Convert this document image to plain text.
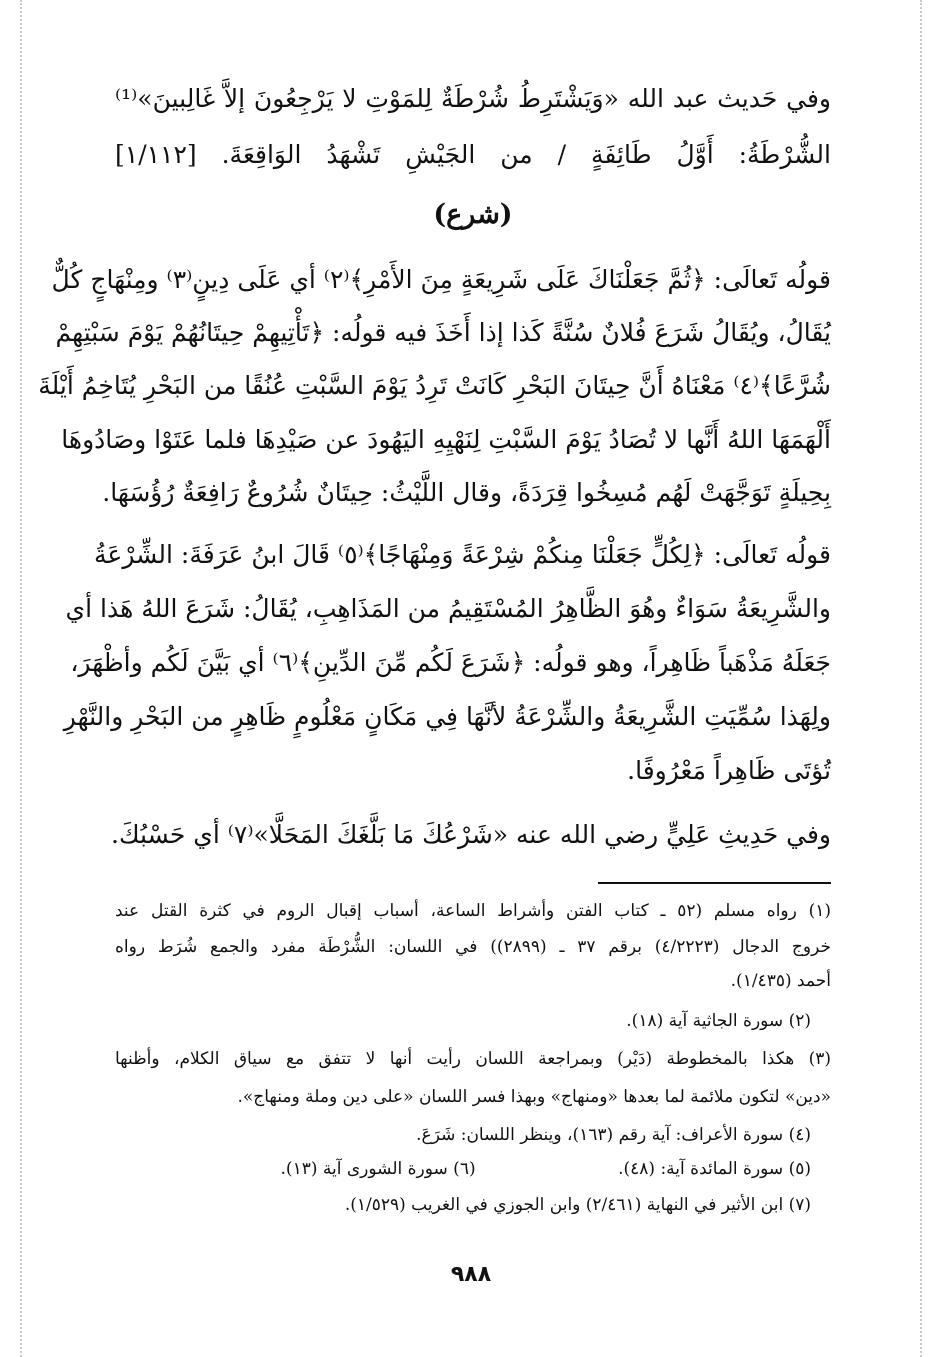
وفي حَديث عبد الله «وَيَشْتَرِطُ شُرْطَةٌ لِلمَوْتِ لا يَرْجِعُونَ إلاَّ غَالِبينَ»⁽¹⁾
الشُّرْطَةُ: أَوَّلُ طَائِفَةٍ / من الجَيْشِ تَشْهَدُ الوَاقِعَةَ. [١/١١٢]
(شرع)
قولُه تَعالَى: ﴿ثُمَّ جَعَلْنَاكَ عَلَى شَرِيعَةٍ مِنَ الأَمْرِ﴾⁽٢⁾ أي عَلَى دِينٍ⁽٣⁾ ومِنْهَاجٍ كُلٌّ
يُقَالُ، ويُقَالُ شَرَعَ فُلانٌ سُنَّةً كَذا إذا أَخَذَ فيه قولُه: ﴿تَأْتِيهِمْ حِيتَانُهُمْ يَوْمَ سَبْتِهِمْ
شُرَّعًا﴾⁽٤⁾ مَعْنَاهُ أَنَّ حِيتَانَ البَحْرِ كَانَتْ تَرِدُ يَوْمَ السَّبْتِ عُنُقًا من البَحْرِ يُتَاخِمُ أَيْلَةَ
أَلْهَمَهَا اللهُ أَنَّها لا تُصَادُ يَوْمَ السَّبْتِ لِنَهْيِهِ اليَهُودَ عن صَيْدِهَا فلما عَتَوْا وصَادُوهَا
بِحِيلَةٍ تَوَجَّهَتْ لَهُم مُسِخُوا قِرَدَةً، وقال اللَّيْثُ: حِيتَانٌ شُرُوعٌ رَافِعَةٌ رُؤُسَهَا.
قولُه تَعالَى: ﴿لِكُلٍّ جَعَلْنَا مِنكُمْ شِرْعَةً وَمِنْهَاجًا﴾⁽٥⁾ قَالَ ابنُ عَرَفَةَ: الشِّرْعَةُ
والشَّرِيعَةُ سَوَاءٌ وهُوَ الظَّاهِرُ المُسْتَقِيمُ من المَذَاهِبِ، يُقَالُ: شَرَعَ اللهُ هَذا أي
جَعَلَهُ مَذْهَباً ظَاهِراً، وهو قولُه: ﴿شَرَعَ لَكُم مِّنَ الدِّينِ﴾⁽٦⁾ أي بَيَّنَ لَكُم وأظْهَرَ،
ولِهَذا سُمِّيَتِ الشَّرِيعَةُ والشِّرْعَةُ لأنَّهَا فِي مَكَانٍ مَعْلُومٍ ظَاهِرٍ من البَحْرِ والنَّهْرِ
تُؤتَى ظَاهِراً مَعْرُوفًا.
وفي حَدِيثِ عَلِيٍّ رضي الله عنه «شَرْعُكَ مَا بَلَّغَكَ المَحَلَّا»⁽٧⁾ أي حَسْبُكَ.
(١) رواه مسلم (٥٢ ـ كتاب الفتن وأشراط الساعة، أسباب إقبال الروم في كثرة القتل عند
خروج الدجال (٤/٢٢٢٣) برقم ٣٧ ـ (٢٨٩٩)) في اللسان: الشُّرْطَة مفرد والجمع شُرَط رواه
أحمد (١/٤٣٥).
(٢) سورة الجاثية آية (١٨).
(٣) هكذا بالمخطوطة (دَيْر) وبمراجعة اللسان رأيت أنها لا تتفق مع سياق الكلام، وأظنها
«دين» لتكون ملائمة لما بعدها «ومنهاج» وبهذا فسر اللسان «على دين وملة ومنهاج».
(٤) سورة الأعراف: آية رقم (١٦٣)، وينظر اللسان: شَرَعَ.
(٥) سورة المائدة آية: (٤٨). (٦) سورة الشورى آية (١٣).
(٧) ابن الأثير في النهاية (٢/٤٦١) وابن الجوزي في الغريب (١/٥٢٩).
٩٨٨
